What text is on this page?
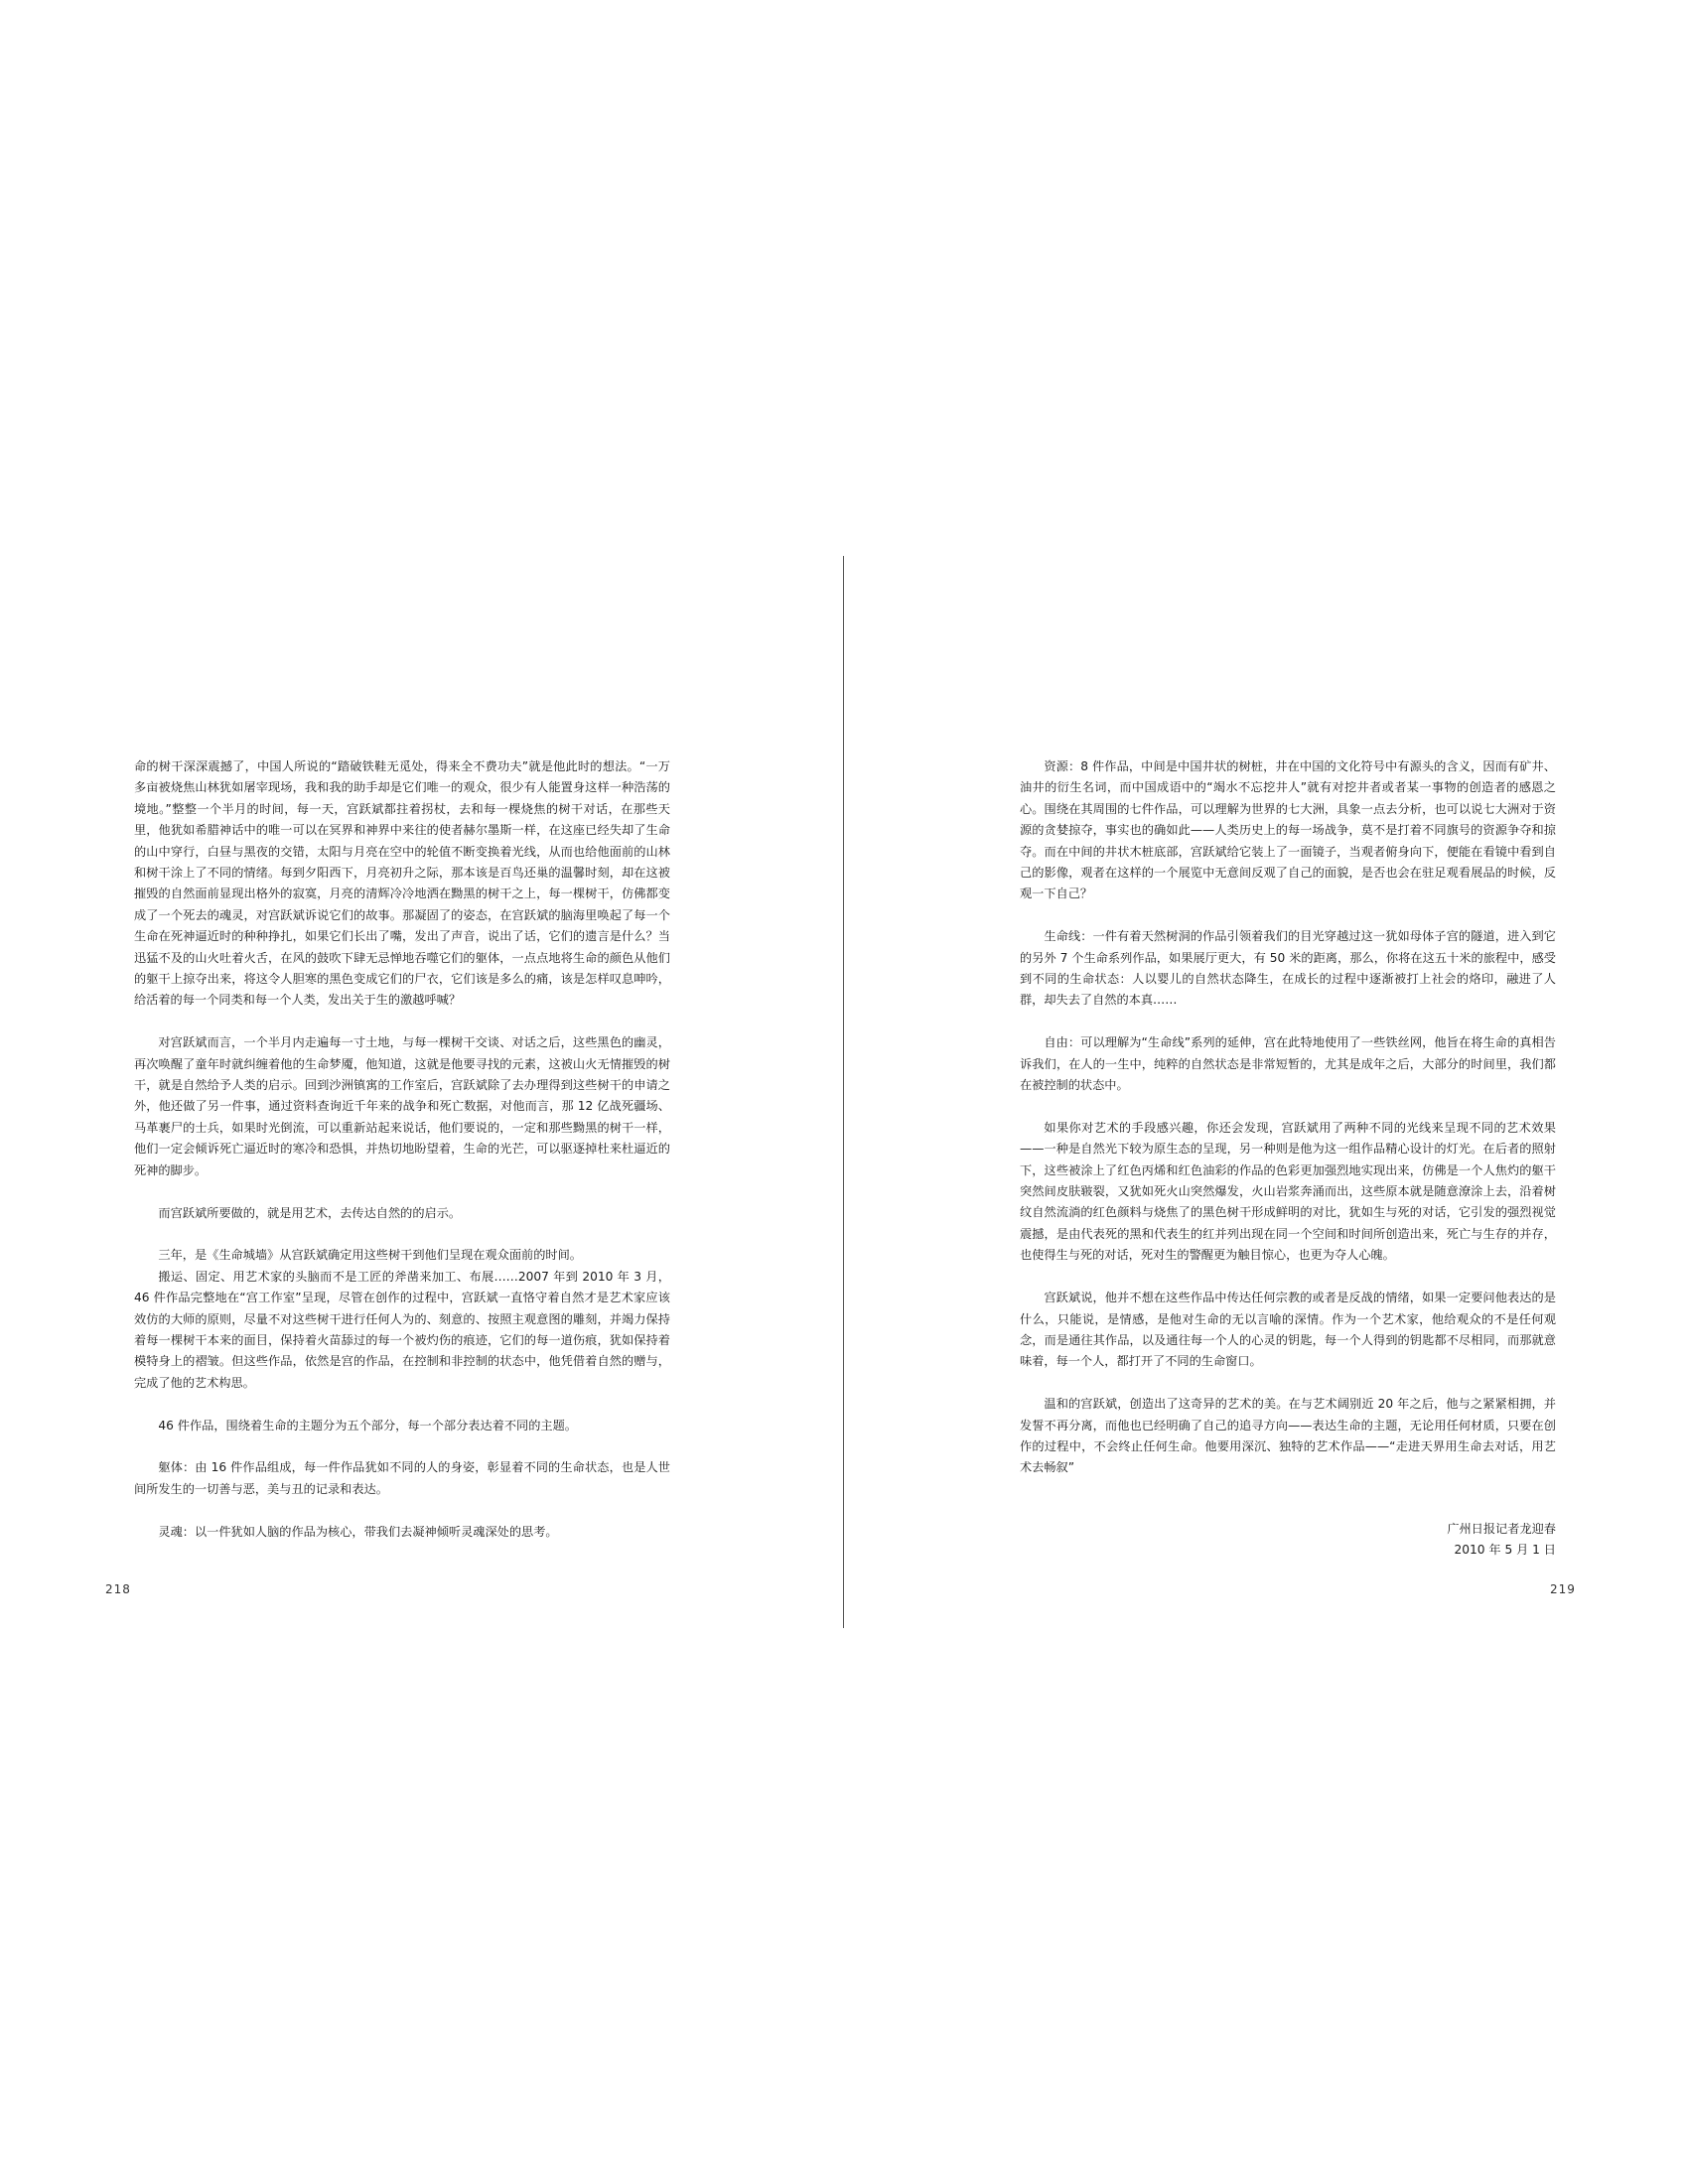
命的树干深深震撼了，中国人所说的“踏破铁鞋无觅处，得来全不费功夫”就是他此时的想法。“一万多亩被烧焦山林犹如屠宰现场，我和我的助手却是它们唯一的观众，很少有人能置身这样一种浩荡的境地。”整整一个半月的时间，每一天，宫跃斌都拄着拐杖，去和每一棵烧焦的树干对话，在那些天里，他犹如希腊神话中的唯一可以在冥界和神界中来往的使者赫尔墨斯一样，在这座已经失却了生命的山中穿行，白昼与黑夜的交错，太阳与月亮在空中的轮值不断变换着光线，从而也给他面前的山林和树干涂上了不同的情绪。每到夕阳西下，月亮初升之际，那本该是百鸟还巢的温馨时刻，却在这被摧毁的自然面前显现出格外的寂寞，月亮的清辉冷冷地洒在黝黑的树干之上，每一棵树干，仿佛都变成了一个死去的魂灵，对宫跃斌诉说它们的故事。那凝固了的姿态，在宫跃斌的脑海里唤起了每一个生命在死神逼近时的种种挣扎，如果它们长出了嘴，发出了声音，说出了话，它们的遗言是什么？当迅猛不及的山火吐着火舌，在风的鼓吹下肆无忌惮地吞噬它们的躯体，一点点地将生命的颜色从他们的躯干上掠夺出来，将这令人胆寒的黑色变成它们的尸衣，它们该是多么的痛，该是怎样叹息呻吟，给活着的每一个同类和每一个人类，发出关于生的激越呼喊？

对宫跃斌而言，一个半月内走遍每一寸土地，与每一棵树干交谈、对话之后，这些黑色的幽灵，再次唤醒了童年时就纠缠着他的生命梦魇，他知道，这就是他要寻找的元素，这被山火无情摧毁的树干，就是自然给予人类的启示。回到沙洲镇寓的工作室后，宫跃斌除了去办理得到这些树干的申请之外，他还做了另一件事，通过资料查询近千年来的战争和死亡数据，对他而言，那 12 亿战死疆场、马革裹尸的士兵，如果时光倒流，可以重新站起来说话，他们要说的，一定和那些黝黑的树干一样，他们一定会倾诉死亡逼近时的寒冷和恐惧，并热切地盼望着，生命的光芒，可以驱逐掉杜来杜逼近的死神的脚步。

而宫跃斌所要做的，就是用艺术，去传达自然的的启示。

三年，是《生命城墙》从宫跃斌确定用这些树干到他们呈现在观众面前的时间。

搬运、固定、用艺术家的头脑而不是工匠的斧凿来加工、布展……2007 年到 2010 年 3 月，46 件作品完整地在“宫工作室”呈现，尽管在创作的过程中，宫跃斌一直恪守着自然才是艺术家应该效仿的大师的原则，尽量不对这些树干进行任何人为的、刻意的、按照主观意图的雕刻，并竭力保持着每一棵树干本来的面目，保持着火苗舔过的每一个被灼伤的痕迹，它们的每一道伤痕，犹如保持着模特身上的褶皱。但这些作品，依然是宫的作品，在控制和非控制的状态中，他凭借着自然的赠与，完成了他的艺术构思。

46 件作品，围绕着生命的主题分为五个部分，每一个部分表达着不同的主题。

躯体：由 16 件作品组成，每一件作品犹如不同的人的身姿，彰显着不同的生命状态，也是人世间所发生的一切善与恶，美与丑的记录和表达。

灵魂：以一件犹如人脑的作品为核心，带我们去凝神倾听灵魂深处的思考。

资源：8 件作品，中间是中国井状的树桩，井在中国的文化符号中有源头的含义，因而有矿井、油井的衍生名词，而中国成语中的“竭水不忘挖井人”就有对挖井者或者某一事物的创造者的感恩之心。围绕在其周围的七件作品，可以理解为世界的七大洲，具象一点去分析，也可以说七大洲对于资源的贪婪掠夺，事实也的确如此——人类历史上的每一场战争，莫不是打着不同旗号的资源争夺和掠夺。而在中间的井状木桩底部，宫跃斌给它装上了一面镜子，当观者俯身向下，便能在看镜中看到自己的影像，观者在这样的一个展览中无意间反观了自己的面貌，是否也会在驻足观看展品的时候，反观一下自己？

生命线：一件有着天然树洞的作品引领着我们的目光穿越过这一犹如母体子宫的隧道，进入到它的另外 7 个生命系列作品，如果展厅更大，有 50 米的距离，那么，你将在这五十米的旅程中，感受到不同的生命状态：人以婴儿的自然状态降生，在成长的过程中逐渐被打上社会的烙印，融进了人群，却失去了自然的本真……

自由：可以理解为“生命线”系列的延伸，宫在此特地使用了一些铁丝网，他旨在将生命的真相告诉我们，在人的一生中，纯粹的自然状态是非常短暂的，尤其是成年之后，大部分的时间里，我们都在被控制的状态中。

如果你对艺术的手段感兴趣，你还会发现，宫跃斌用了两种不同的光线来呈现不同的艺术效果——一种是自然光下较为原生态的呈现，另一种则是他为这一组作品精心设计的灯光。在后者的照射下，这些被涂上了红色丙烯和红色油彩的作品的色彩更加强烈地实现出来，仿佛是一个人焦灼的躯干突然间皮肤皲裂，又犹如死火山突然爆发，火山岩浆奔涌而出，这些原本就是随意潦涂上去，沿着树纹自然流淌的红色颜料与烧焦了的黑色树干形成鲜明的对比，犹如生与死的对话，它引发的强烈视觉震撼，是由代表死的黑和代表生的红并列出现在同一个空间和时间所创造出来，死亡与生存的并存，也使得生与死的对话，死对生的警醒更为触目惊心，也更为夺人心魄。

宫跃斌说，他并不想在这些作品中传达任何宗教的或者是反战的情绪，如果一定要问他表达的是什么，只能说，是情感，是他对生命的无以言喻的深情。作为一个艺术家，他给观众的不是任何观念，而是通往其作品，以及通往每一个人的心灵的钥匙，每一个人得到的钥匙都不尽相同，而那就意味着，每一个人，都打开了不同的生命窗口。

温和的宫跃斌，创造出了这奇异的艺术的美。在与艺术阔别近 20 年之后，他与之紧紧相拥，并发誓不再分离，而他也已经明确了自己的追寻方向——表达生命的主题，无论用任何材质，只要在创作的过程中，不会终止任何生命。他要用深沉、独特的艺术作品——“走进天界用生命去对话，用艺术去畅叙”

广州日报记者龙迎春
2010 年 5 月 1 日
218	219
